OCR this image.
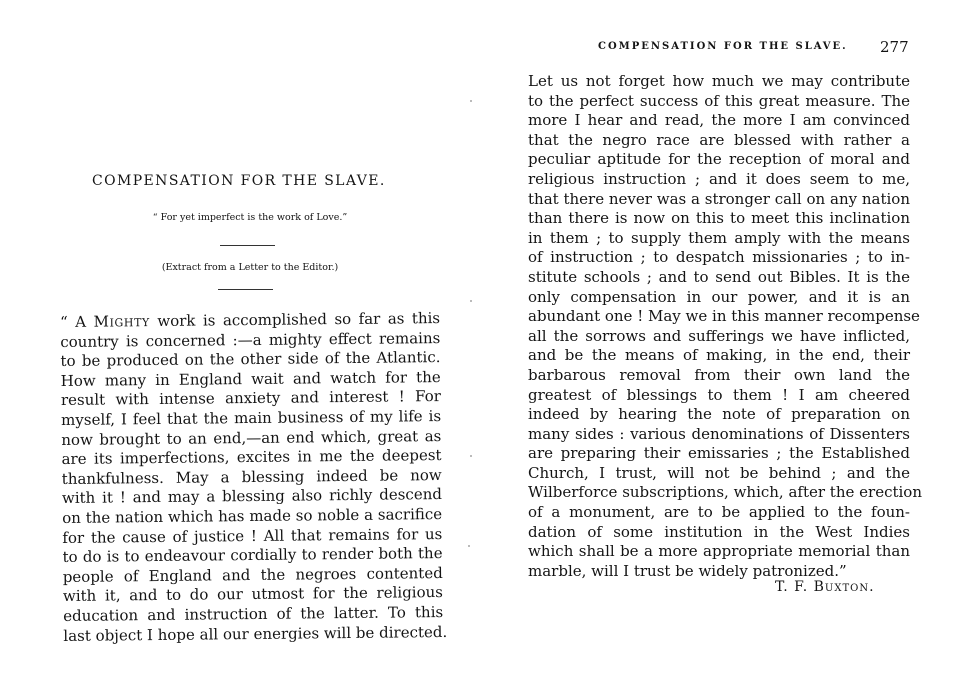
COMPENSATION FOR THE SLAVE.
“ For yet imperfect is the work of Love.”
(Extract from a Letter to the Editor.)
“ A Mighty work is accomplished so far as this
country is concerned :—a mighty effect remains
to be produced on the other side of the Atlantic.
How many in England wait and watch for the
result with intense anxiety and interest ! For
myself, I feel that the main business of my life is
now brought to an end,—an end which, great as
are its imperfections, excites in me the deepest
thankfulness. May a blessing indeed be now
with it ! and may a blessing also richly descend
on the nation which has made so noble a sacrifice
for the cause of justice ! All that remains for us
to do is to endeavour cordially to render both the
people of England and the negroes contented
with it, and to do our utmost for the religious
education and instruction of the latter. To this
last object I hope all our energies will be directed.
COMPENSATION FOR THE SLAVE. 277
Let us not forget how much we may contribute
to the perfect success of this great measure. The
more I hear and read, the more I am convinced
that the negro race are blessed with rather a
peculiar aptitude for the reception of moral and
religious instruction ; and it does seem to me,
that there never was a stronger call on any nation
than there is now on this to meet this inclination
in them ; to supply them amply with the means
of instruction ; to despatch missionaries ; to in-
stitute schools ; and to send out Bibles. It is the
only compensation in our power, and it is an
abundant one ! May we in this manner recompense
all the sorrows and sufferings we have inflicted,
and be the means of making, in the end, their
barbarous removal from their own land the
greatest of blessings to them ! I am cheered
indeed by hearing the note of preparation on
many sides : various denominations of Dissenters
are preparing their emissaries ; the Established
Church, I trust, will not be behind ; and the
Wilberforce subscriptions, which, after the erection
of a monument, are to be applied to the foun-
dation of some institution in the West Indies
which shall be a more appropriate memorial than
marble, will I trust be widely patronized.”
T. F. Buxton.
